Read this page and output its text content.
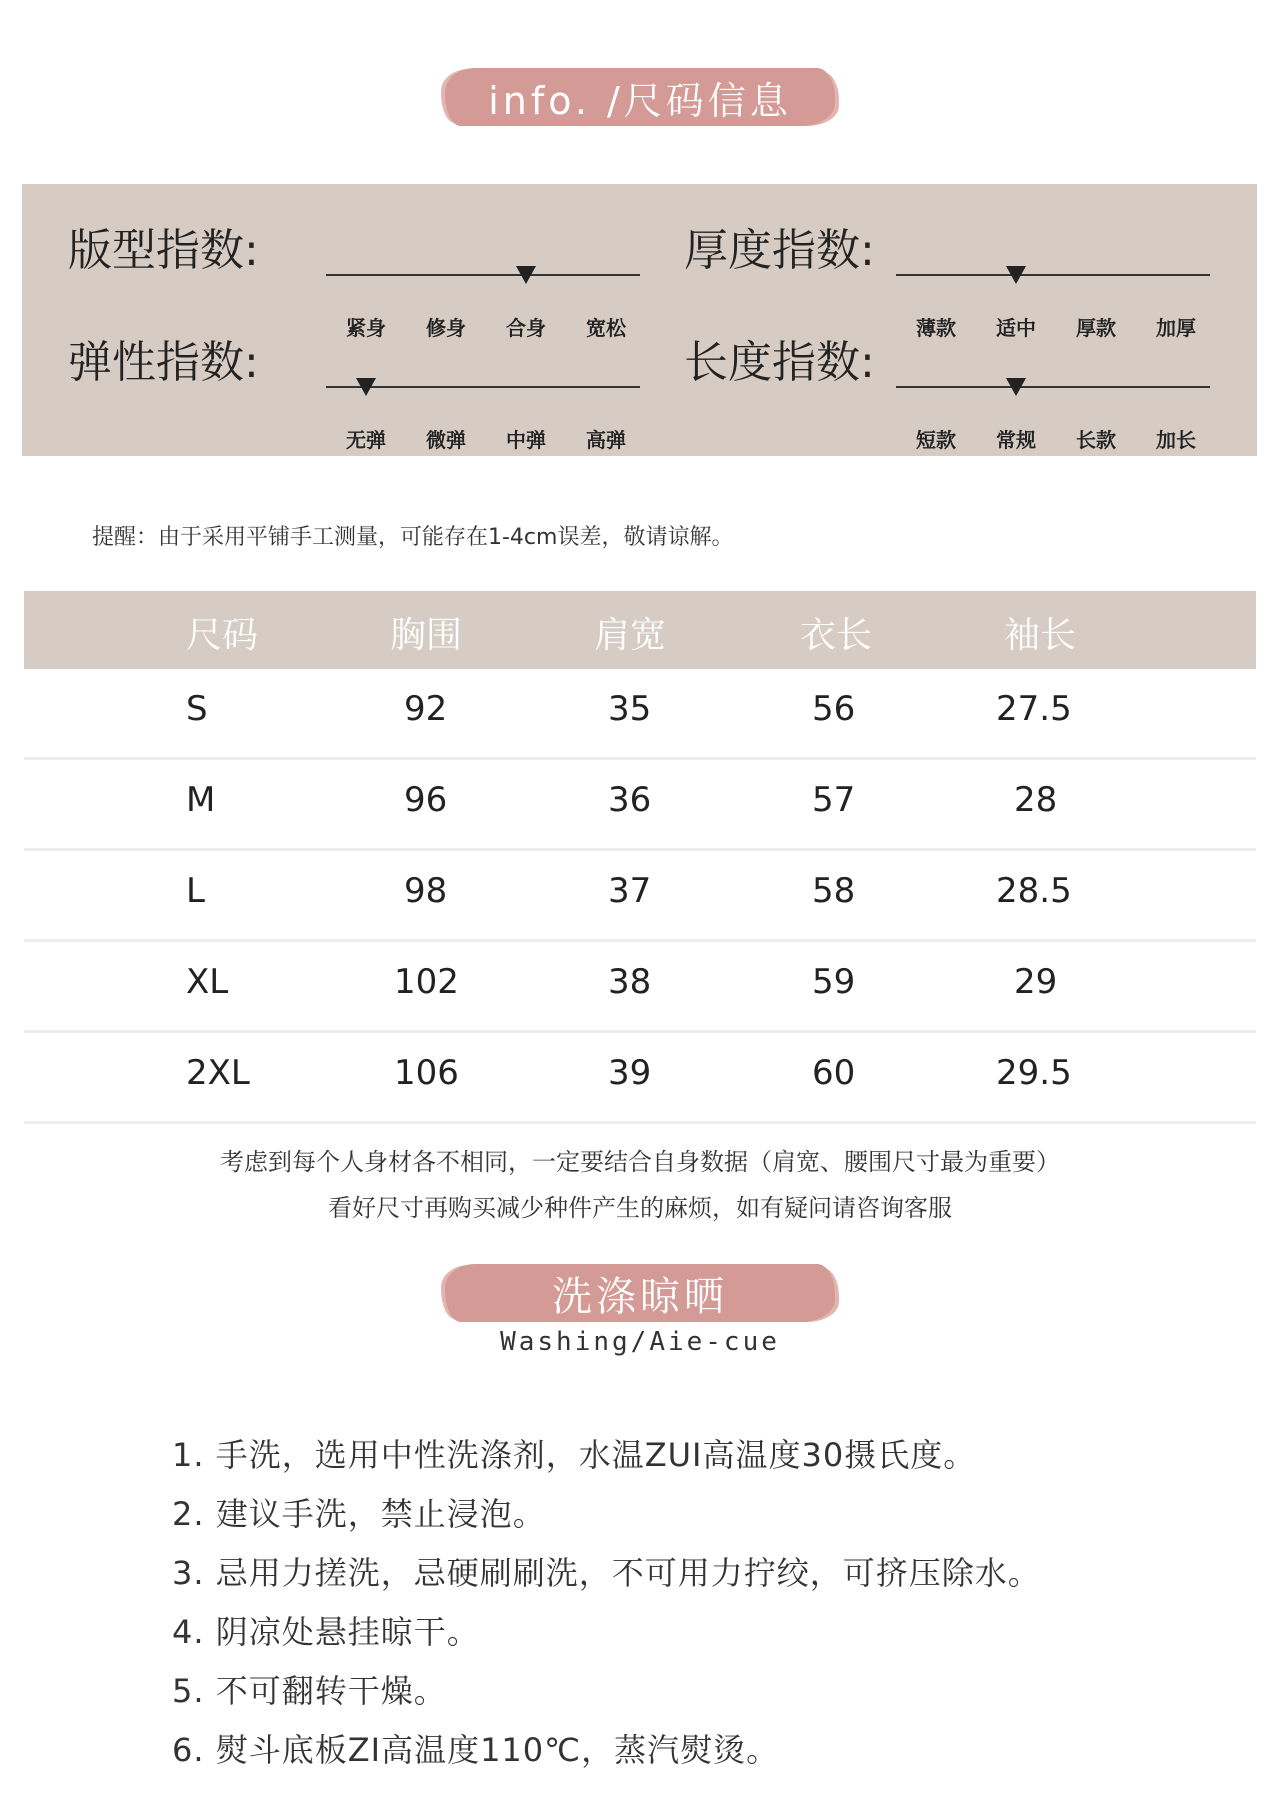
info. /尺码信息
版型指数:
紧身 修身 合身 宽松
厚度指数:
薄款 适中 厚款 加厚
弹性指数:
无弹 微弹 中弹 高弹
长度指数:
短款 常规 长款 加长
提醒：由于采用平铺手工测量，可能存在1-4cm误差，敬请谅解。
尺码	胸围	肩宽	衣长	袖长
S	92	35	56	27.5
M	96	36	57	28
L	98	37	58	28.5
XL	102	38	59	29
2XL	106	39	60	29.5
考虑到每个人身材各不相同，一定要结合自身数据（肩宽、腰围尺寸最为重要）
看好尺寸再购买减少种件产生的麻烦，如有疑问请咨询客服
洗涤晾晒
Washing/Aie-cue
1. 手洗，选用中性洗涤剂，水温ZUI高温度30摄氏度。
2. 建议手洗，禁止浸泡。
3. 忌用力搓洗，忌硬刷刷洗，不可用力拧绞，可挤压除水。
4. 阴凉处悬挂晾干。
5. 不可翻转干燥。
6. 熨斗底板ZI高温度110℃，蒸汽熨烫。
